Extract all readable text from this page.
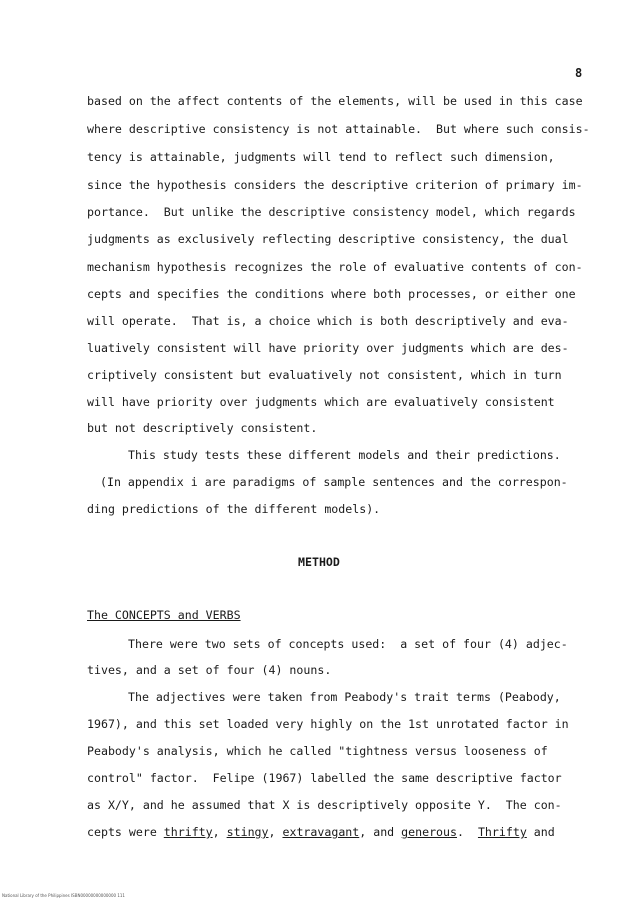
8
based on the affect contents of the elements, will be used in this case
where descriptive consistency is not attainable.  But where such consis-
tency is attainable, judgments will tend to reflect such dimension,
since the hypothesis considers the descriptive criterion of primary im-
portance.  But unlike the descriptive consistency model, which regards
judgments as exclusively reflecting descriptive consistency, the dual
mechanism hypothesis recognizes the role of evaluative contents of con-
cepts and specifies the conditions where both processes, or either one
will operate.  That is, a choice which is both descriptively and eva-
luatively consistent will have priority over judgments which are des-
criptively consistent but evaluatively not consistent, which in turn
will have priority over judgments which are evaluatively consistent
but not descriptively consistent.
This study tests these different models and their predictions.
(In appendix i are paradigms of sample sentences and the correspon-
ding predictions of the different models).
METHOD
The CONCEPTS and VERBS
There were two sets of concepts used:  a set of four (4) adjec-
tives, and a set of four (4) nouns.
The adjectives were taken from Peabody's trait terms (Peabody,
1967), and this set loaded very highly on the 1st unrotated factor in
Peabody's analysis, which he called "tightness versus looseness of
control" factor.  Felipe (1967) labelled the same descriptive factor
as X/Y, and he assumed that X is descriptively opposite Y.  The con-
cepts were thrifty, stingy, extravagant, and generous.  Thrifty and
National Library of the Philippines ISBN00000000000000 111
